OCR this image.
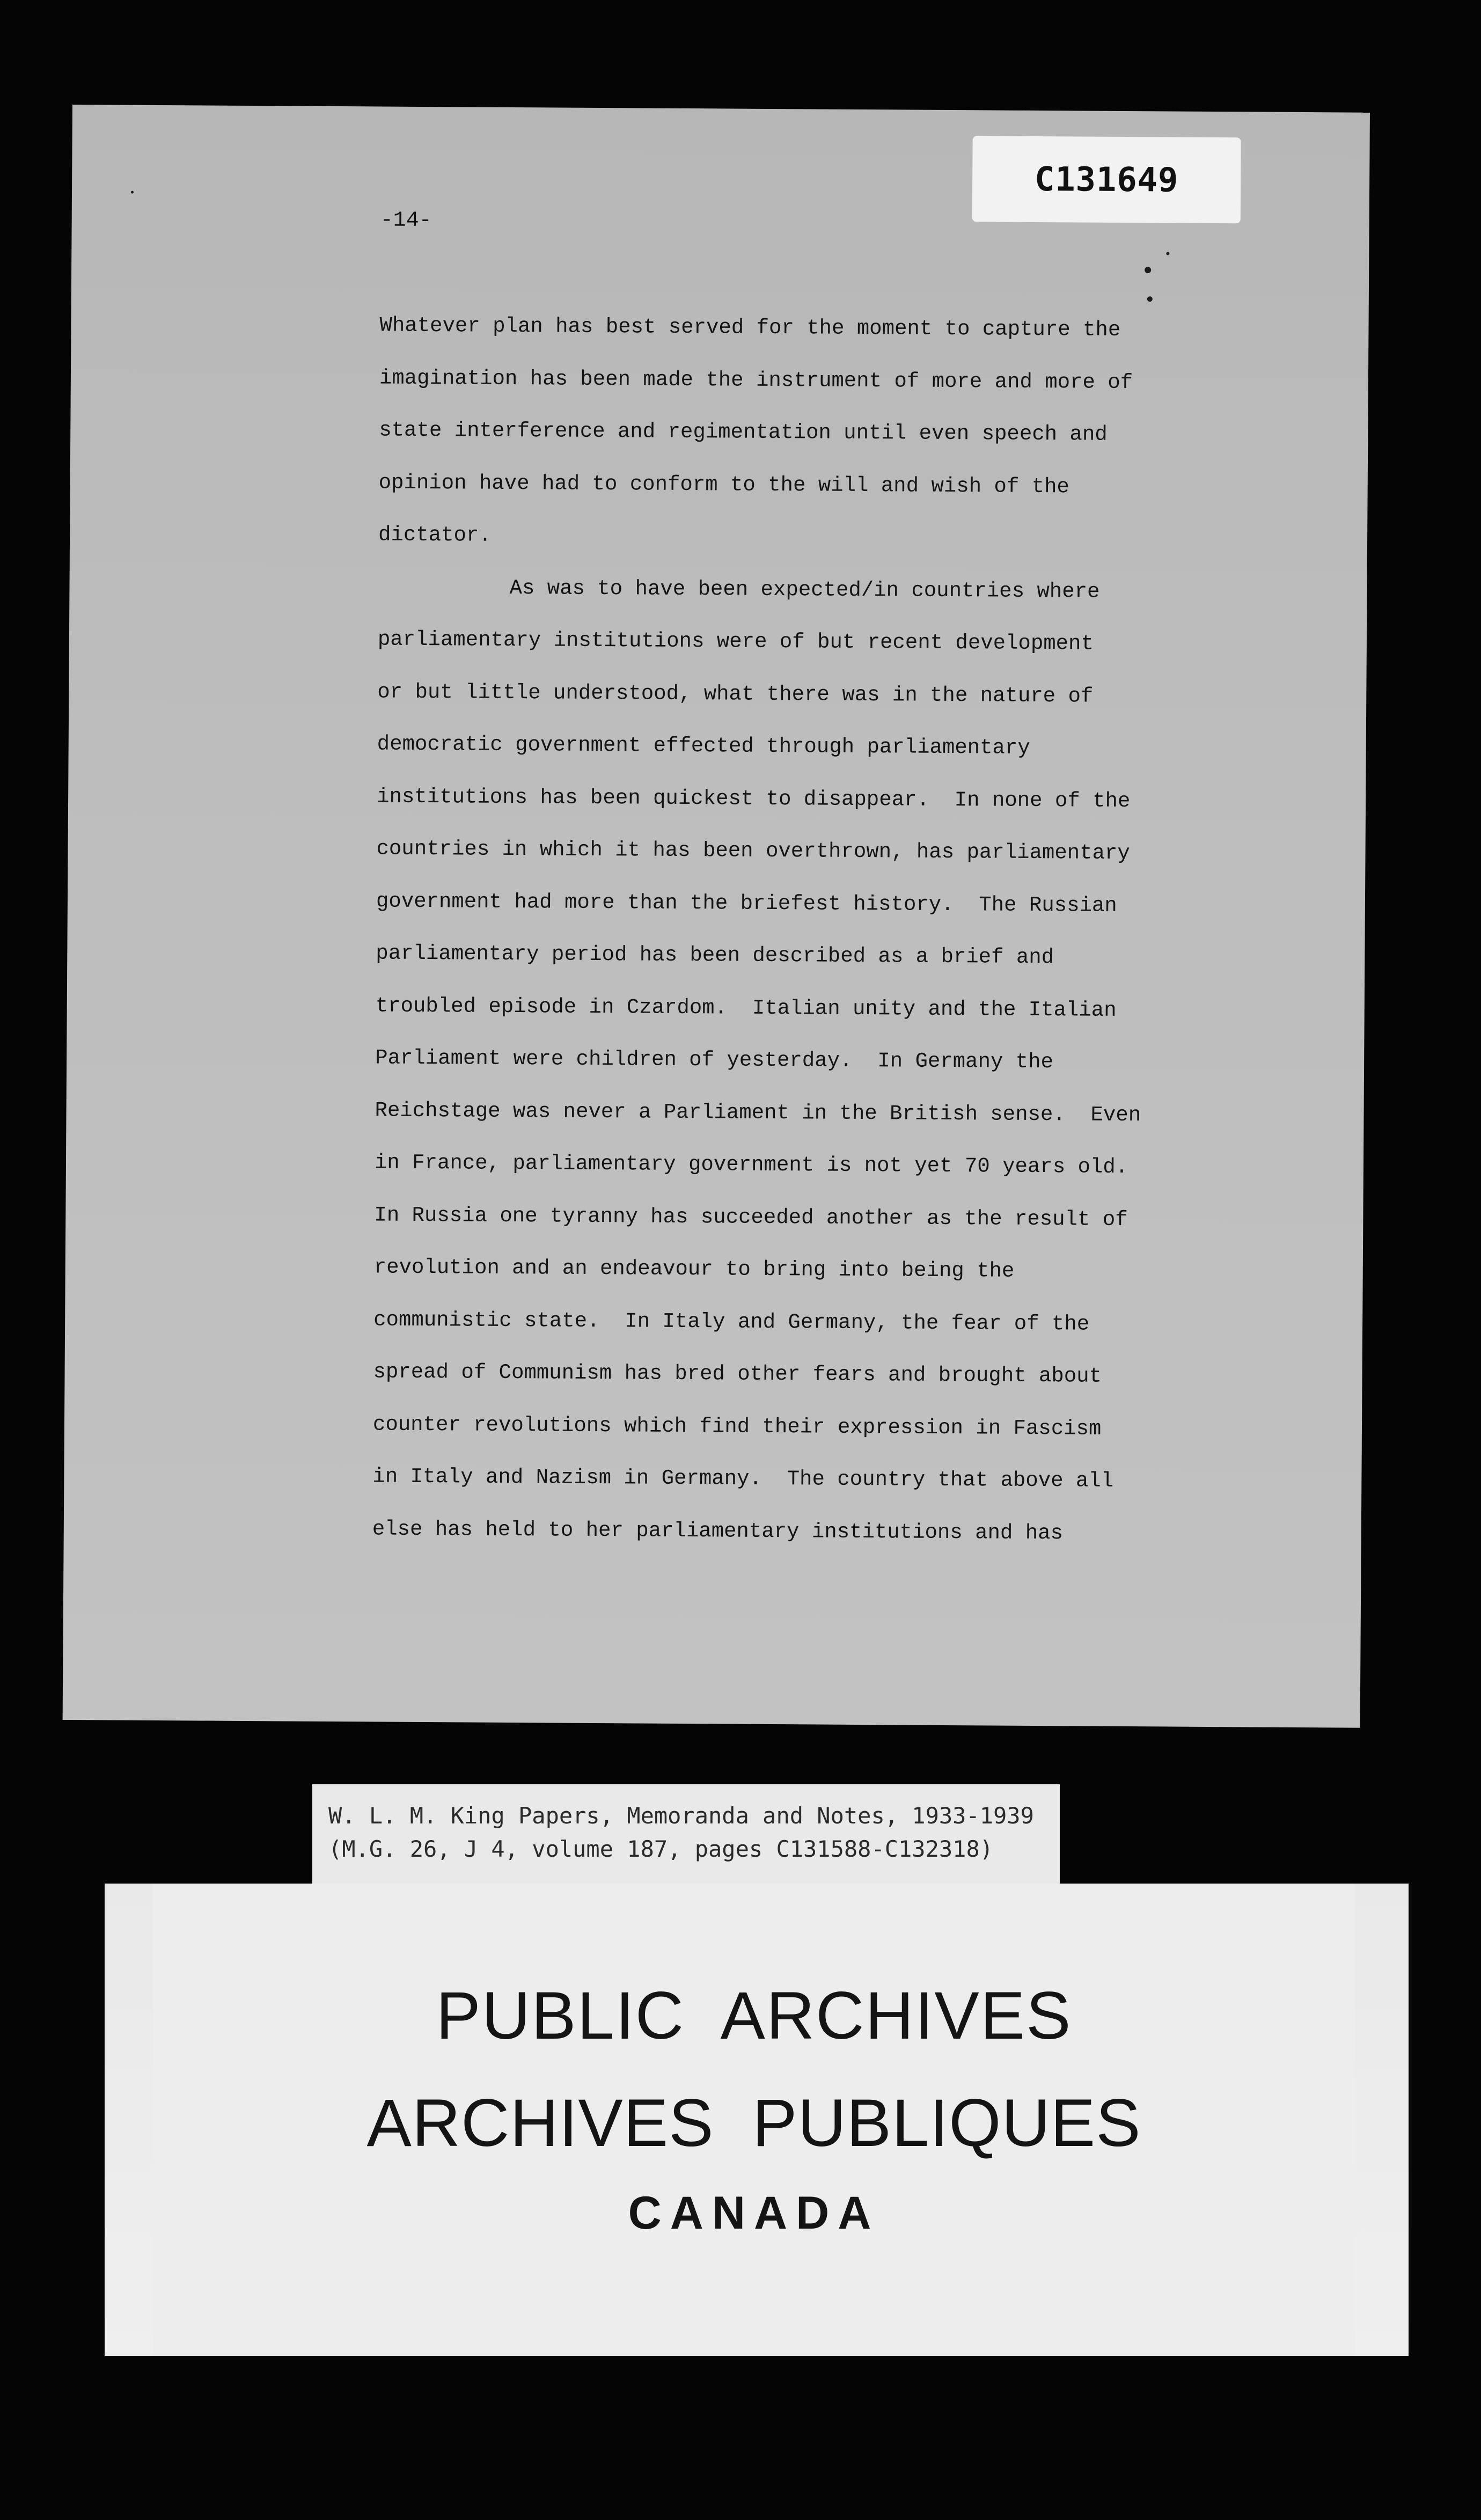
C131649
-14-
Whatever plan has best served for the moment to capture the
imagination has been made the instrument of more and more of
state interference and regimentation until even speech and
opinion have had to conform to the will and wish of the
dictator.
As was to have been expected/in countries where
parliamentary institutions were of but recent development
or but little understood, what there was in the nature of
democratic government effected through parliamentary
institutions has been quickest to disappear.  In none of the
countries in which it has been overthrown, has parliamentary
government had more than the briefest history.  The Russian
parliamentary period has been described as a brief and
troubled episode in Czardom.  Italian unity and the Italian
Parliament were children of yesterday.  In Germany the
Reichstage was never a Parliament in the British sense.  Even
in France, parliamentary government is not yet 70 years old.
In Russia one tyranny has succeeded another as the result of
revolution and an endeavour to bring into being the
communistic state.  In Italy and Germany, the fear of the
spread of Communism has bred other fears and brought about
counter revolutions which find their expression in Fascism
in Italy and Nazism in Germany.  The country that above all
else has held to her parliamentary institutions and has
W. L. M. King Papers, Memoranda and Notes, 1933-1939
(M.G. 26, J 4, volume 187, pages C131588-C132318)
PUBLIC  ARCHIVES
ARCHIVES  PUBLIQUES
CANADA
